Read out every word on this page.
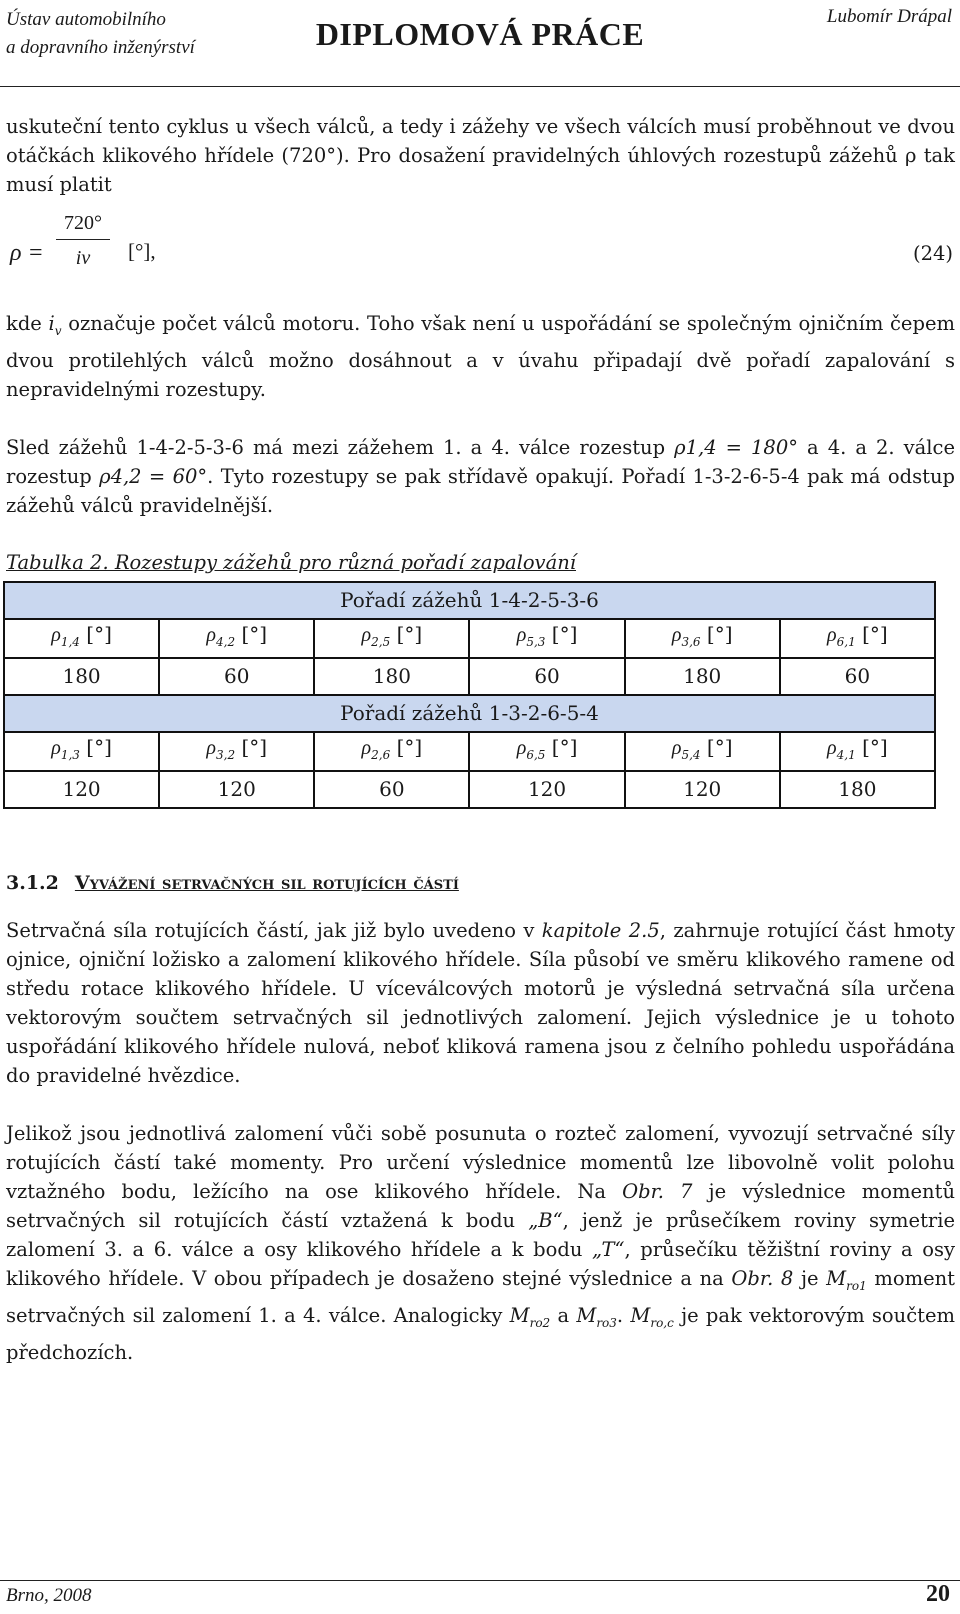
Ústav automobilního
a dopravního inženýrství	DIPLOMOVÁ PRÁCE	Lubomír Drápal

uskuteční tento cyklus u všech válců, a tedy i zážehy ve všech válcích musí proběhnout ve dvou otáčkách klikového hřídele (720°). Pro dosažení pravidelných úhlových rozestupů zážehů ρ tak musí platit

ρ =
720°
iv	[°],	(24)

kde $i_v$ označuje počet válců motoru. Toho však není u uspořádání se společným ojničním čepem dvou protilehlých válců možno dosáhnout a v úvahu připadají dvě pořadí zapalování s nepravidelnými rozestupy.

Sled zážehů 1-4-2-5-3-6 má mezi zážehem 1. a 4. válce rozestup ρ1,4 = 180° a 4. a 2. válce rozestup ρ4,2 = 60°. Tyto rozestupy se pak střídavě opakují. Pořadí 1-3-2-6-5-4 pak má odstup zážehů válců pravidelnější.

Tabulka 2. Rozestupy zážehů pro různá pořadí zapalování

Pořadí zážehů 1-4-2-5-3-6					
$\rho_{1,4}$ [°]	$\rho_{4,2}$ [°]	$\rho_{2,5}$ [°]	$\rho_{5,3}$ [°]	$\rho_{3,6}$ [°]	$\rho_{6,1}$ [°]
180	60	180	60	180	60
Pořadí zážehů 1-3-2-6-5-4					
$\rho_{1,3}$ [°]	$\rho_{3,2}$ [°]	$\rho_{2,6}$ [°]	$\rho_{6,5}$ [°]	$\rho_{5,4}$ [°]	$\rho_{4,1}$ [°]
120	120	60	120	120	180
3.1.2 Vyvážení setrvačných sil rotujících částí

Setrvačná síla rotujících částí, jak již bylo uvedeno v kapitole 2.5, zahrnuje rotující část hmoty ojnice, ojniční ložisko a zalomení klikového hřídele. Síla působí ve směru klikového ramene od středu rotace klikového hřídele. U víceválcových motorů je výsledná setrvačná síla určena vektorovým součtem setrvačných sil jednotlivých zalomení. Jejich výslednice je u tohoto uspořádání klikového hřídele nulová, neboť kliková ramena jsou z čelního pohledu uspořádána do pravidelné hvězdice.

Jelikož jsou jednotlivá zalomení vůči sobě posunuta o rozteč zalomení, vyvozují setrvačné síly rotujících částí také momenty. Pro určení výslednice momentů lze libovolně volit polohu vztažného bodu, ležícího na ose klikového hřídele. Na Obr. 7 je výslednice momentů setrvačných sil rotujících částí vztažená k bodu „B“, jenž je průsečíkem roviny symetrie zalomení 3. a 6. válce a osy klikového hřídele a k bodu „T“, průsečíku těžištní roviny a osy klikového hřídele. V obou případech je dosaženo stejné výslednice a na Obr. 8 je $M_{ro1}$ moment setrvačných sil zalomení 1. a 4. válce. Analogicky $M_{ro2}$ a $M_{ro3}$. $M_{ro,c}$ je pak vektorovým součtem předchozích.

Brno, 2008	20
